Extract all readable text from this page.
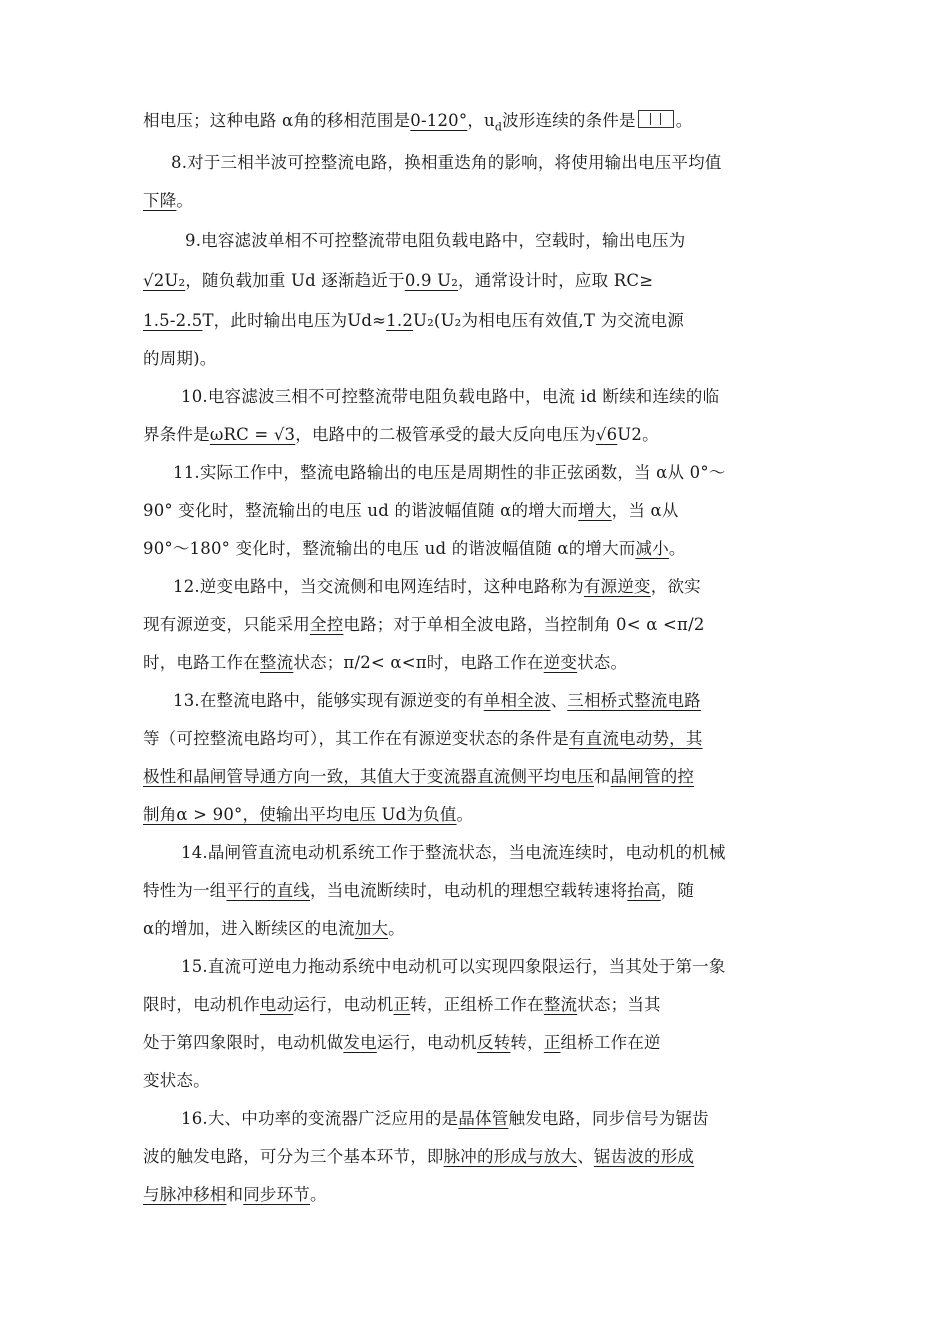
相电压；这种电路 α角的移相范围是0-120°，$u_d$波形连续的条件是 。
8.对于三相半波可控整流电路，换相重迭角的影响，将使用输出电压平均值
下降。
9.电容滤波单相不可控整流带电阻负载电路中，空载时，输出电压为
√2U₂，随负载加重 Ud 逐渐趋近于0.9 U₂，通常设计时，应取 RC≥
1.5-2.5T，此时输出电压为Ud≈1.2U₂(U₂为相电压有效值,T 为交流电源
的周期)。
10.电容滤波三相不可控整流带电阻负载电路中，电流 id 断续和连续的临
界条件是ωRC = √3，电路中的二极管承受的最大反向电压为√6U2。
11.实际工作中，整流电路输出的电压是周期性的非正弦函数，当 α从 0°～
90° 变化时，整流输出的电压 ud 的谐波幅值随 α的增大而增大，当 α从
90°～180° 变化时，整流输出的电压 ud 的谐波幅值随 α的增大而减小。
12.逆变电路中，当交流侧和电网连结时，这种电路称为有源逆变，欲实
现有源逆变，只能采用全控电路；对于单相全波电路，当控制角 0< α <π/2
时，电路工作在整流状态；π/2< α<π时，电路工作在逆变状态。
13.在整流电路中，能够实现有源逆变的有单相全波、三相桥式整流电路
等（可控整流电路均可），其工作在有源逆变状态的条件是有直流电动势，其
极性和晶闸管导通方向一致，其值大于变流器直流侧平均电压和晶闸管的控
制角α > 90°，使输出平均电压 Ud为负值。
14.晶闸管直流电动机系统工作于整流状态，当电流连续时，电动机的机械
特性为一组平行的直线，当电流断续时，电动机的理想空载转速将抬高，随
α的增加，进入断续区的电流加大。
15.直流可逆电力拖动系统中电动机可以实现四象限运行，当其处于第一象
限时，电动机作电动运行，电动机正转，正组桥工作在整流状态；当其
处于第四象限时，电动机做发电运行，电动机反转转，正组桥工作在逆
变状态。
16.大、中功率的变流器广泛应用的是晶体管触发电路，同步信号为锯齿
波的触发电路，可分为三个基本环节，即脉冲的形成与放大、锯齿波的形成
与脉冲移相和同步环节。
